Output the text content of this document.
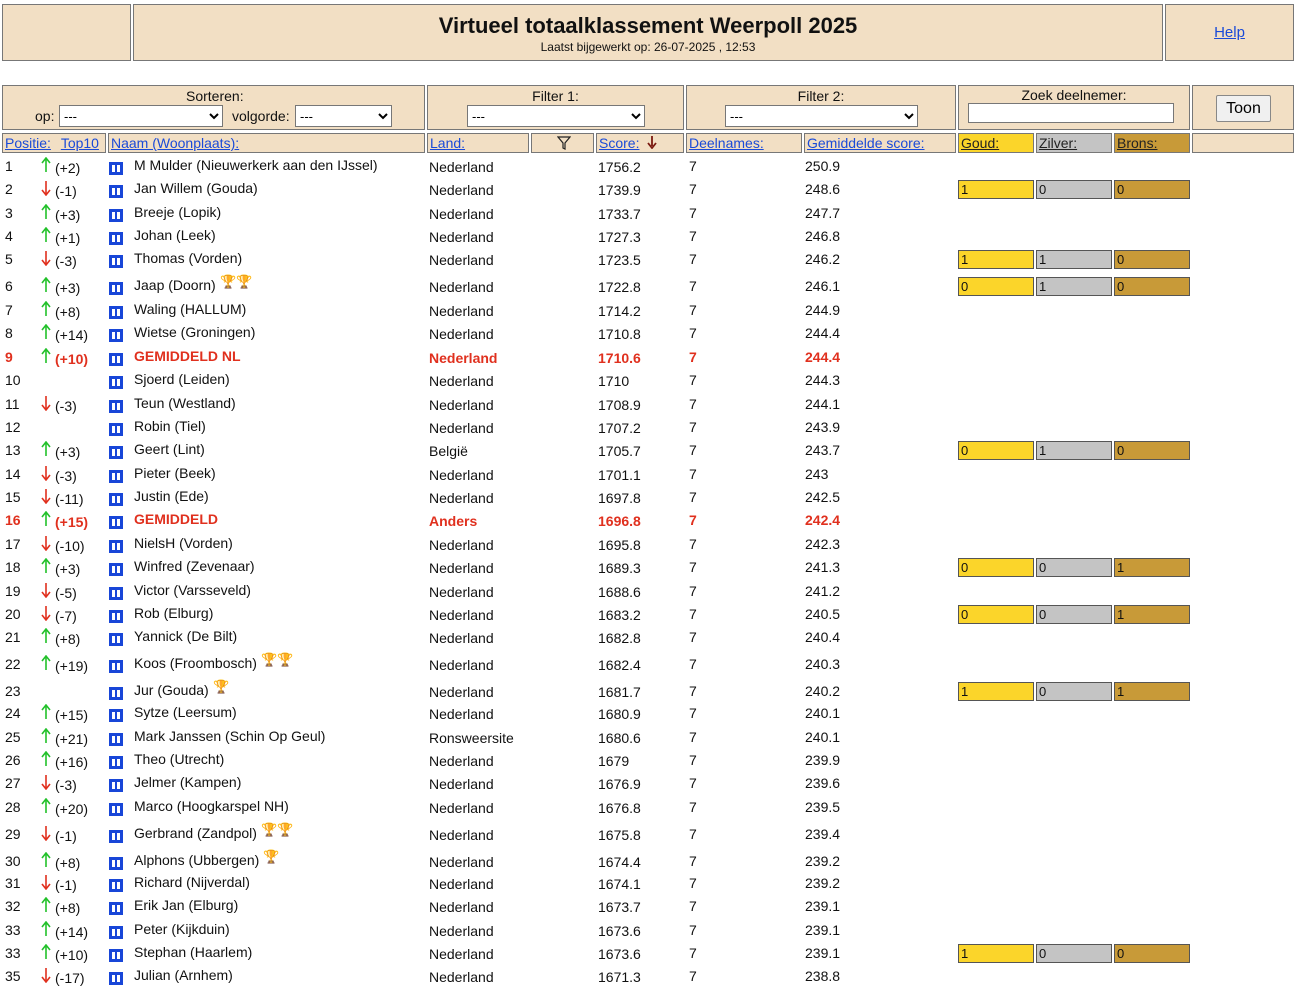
Virtueel totaalklassement Weerpoll 2025
Laatst bijgewerkt op: 26-07-2025 , 12:53
Help
Sorteren:
op:
---	volgorde:
---
Filter 1:
---	Filter 2:
---	Zoek deelnemer:
Toon
Positie: Top10 Naam (Woonplaats):	Land:	Score:	Deelnames:	Gemiddelde score:	Goud:	Zilver:	Brons:
1	(+2)	M Mulder (Nieuwerkerk aan den IJssel)	Nederland	1756.2	7	250.9
2	(-1)	Jan Willem (Gouda)	Nederland	1739.9	7	248.6	1	0	0
3	(+3)	Breeje (Lopik)	Nederland	1733.7	7	247.7
4	(+1)	Johan (Leek)	Nederland	1727.3	7	246.8
5	(-3)	Thomas (Vorden)	Nederland	1723.5	7	246.2	1	1	0
6	(+3)	Jaap (Doorn) 🏆🏆	Nederland	1722.8	7	246.1	0	1	0
7	(+8)	Waling (HALLUM)	Nederland	1714.2	7	244.9
8	(+14)	Wietse (Groningen)	Nederland	1710.8	7	244.4
9	(+10)	GEMIDDELD NL	Nederland	1710.6	7	244.4
10	Sjoerd (Leiden)	Nederland	1710	7	244.3
11	(-3)	Teun (Westland)	Nederland	1708.9	7	244.1
12	Robin (Tiel)	Nederland	1707.2	7	243.9
13 (+3)	Geert (Lint)	België	1705.7	7	243.7	0	1	0
14 (-3)	Pieter (Beek)	Nederland	1701.1	7	243
15 (-11)	Justin (Ede)	Nederland	1697.8	7	242.5
16 (+15)	GEMIDDELD	Anders	1696.8	7	242.4
17 (-10)	NielsH (Vorden)	Nederland	1695.8	7	242.3
18 (+3)	Winfred (Zevenaar)	Nederland	1689.3	7	241.3	0	0	1
19 (-5)	Victor (Varsseveld)	Nederland	1688.6	7	241.2
20 (-7)	Rob (Elburg)	Nederland	1683.2	7	240.5	0	0	1
21 (+8)	Yannick (De Bilt)	Nederland	1682.8	7	240.4
22 (+19)	Koos (Froombosch) 🏆🏆	Nederland	1682.4	7	240.3
23	Jur (Gouda) 🏆	Nederland	1681.7	7	240.2	1	0	1
24 (+15)	Sytze (Leersum)	Nederland	1680.9	7	240.1
25 (+21)	Mark Janssen (Schin Op Geul)	Ronsweersite	1680.6	7	240.1
26 (+16)	Theo (Utrecht)	Nederland	1679	7	239.9
27 (-3)	Jelmer (Kampen)	Nederland	1676.9	7	239.6
28 (+20)	Marco (Hoogkarspel NH)	Nederland	1676.8	7	239.5
29 (-1)	Gerbrand (Zandpol) 🏆🏆	Nederland	1675.8	7	239.4
30 (+8)	Alphons (Ubbergen) 🏆	Nederland	1674.4	7	239.2
31 (-1)	Richard (Nijverdal)	Nederland	1674.1	7	239.2
32 (+8)	Erik Jan (Elburg)	Nederland	1673.7	7	239.1
33 (+14)	Peter (Kijkduin)	Nederland	1673.6	7	239.1
33 (+10)	Stephan (Haarlem)	Nederland	1673.6	7	239.1	1	0	0
35 (-17)	Julian (Arnhem)	Nederland	1671.3	7	238.8
